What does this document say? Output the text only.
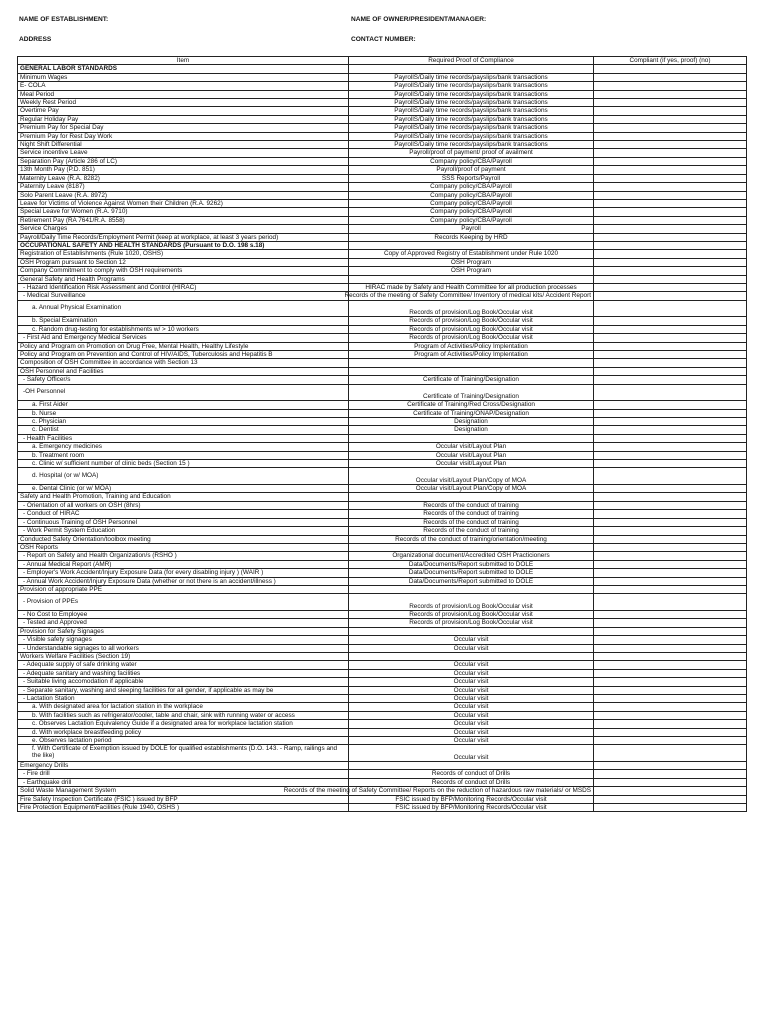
NAME OF ESTABLISHMENT:	NAME OF OWNER/PRESIDENT/MANAGER:
ADDRESS	CONTACT NUMBER:
Item	Required Proof of Compliance	Compliant (if yes, proof) (no)
GENERAL LABOR STANDARDS		
Minimum Wages	PayrollS/Daily time records/payslips/bank transactions	
E- COLA	PayrollS/Daily time records/payslips/bank transactions	
Meal Period	PayrollS/Daily time records/payslips/bank transactions	
Weekly Rest Period	PayrollS/Daily time records/payslips/bank transactions	
Overtime Pay	PayrollS/Daily time records/payslips/bank transactions	
Regular Holiday Pay	PayrollS/Daily time records/payslips/bank transactions	
Premium Pay for Special Day	PayrollS/Daily time records/payslips/bank transactions	
Premium Pay for Rest Day Work	PayrollS/Daily time records/payslips/bank transactions	
Night Shift Differential	PayrollS/Daily time records/payslips/bank transactions	
Service incentive Leave	Payroll/proof of payment/ proof of availment	
Separation Pay (Article 286 of LC)	Company policy/CBA/Payroll	
13th Month Pay (P.D. 851)	Payroll/proof of payment	
Maternity Leave (R.A. 8282)	SSS Reports/Payroll	
Paternity Leave (8187)	Company policy/CBA/Payroll	
Solo Parent Leave (R.A. 8972)	Company policy/CBA/Payroll	
Leave for Victims of Violence Against Women their Children (R.A. 9262)	Company policy/CBA/Payroll	
Special Leave for Women (R.A. 9710)	Company policy/CBA/Payroll	
Retirement Pay (RA 7641/R.A. 8558)	Company policy/CBA/Payroll	
Service Charges	Payroll	
Payroll/Daily Time Records/Employment Permit (keep at workplace, at least 3 years period)	Records Keeping by HRD	
OCCUPATIONAL SAFETY AND HEALTH STANDARDS (Pursuant to D.O. 198 s.18)		
Registration of Establishments (Rule 1020, OSHS)	Copy of Approved Registry of Establishment under Rule 1020	
OSH Program pursuant to Section 12	OSH Program	
Company Commitment to comply with OSH requirements	OSH Program	
General Safety and Health Programs		
- Hazard Identification Risk Assessment and Control (HIRAC)	HIRAC made by Safety and Health Committee for all production processes	
- Medical Surveillance	Records of the meeting of Safety Committee/ Inventory of medical kits/ Accident Report	
a. Annual Physical Examination	Records of provision/Log Book/Occular visit	
b. Special Examination	Records of provision/Log Book/Occular visit	
c. Random drug-testing for establishments w/ > 10 workers	Records of provision/Log Book/Occular visit	
- First Aid and Emergency Medical Services	Records of provision/Log Book/Occular visit	
Policy and Program on Promotion on Drug Free, Mental Health, Healthy Lifestyle	Program of Activities/Policy Implentation	
Policy and Program on Prevention and Control of HIV/AIDS, Tuberculosis and Hepatitis B	Program of Activities/Policy Implentation	
Composition of OSH Committee in accordance with Section 13		
OSH Personnel and Facilities		
- Safety Officer/s	Certificate of Training/Designation	
-OH Personnel	Certificate of Training/Designation	
a. First Aider	Certificate of Training/Red Cross/Designation	
b. Nurse	Certificate of Training/ONAP/Designation	
c. Physician	Designation	
c. Dentist	Designation	
- Health Facilities		
a. Emergency medicines	Occular visit/Layout Plan	
b. Treatment room	Occular visit/Layout Plan	
c. Clinic w/ sufficient number of clinic beds (Section 15 )	Occular visit/Layout Plan	
d. Hospital (or w/ MOA)	Occular visit/Layout Plan/Copy of MOA	
e. Dental Clinic (or w/ MOA)	Occular visit/Layout Plan/Copy of MOA	
Safety and Health Promotion, Training and Education		
- Orientation of all workers on OSH (8hrs)	Records of the conduct of training	
- Conduct of HIRAC	Records of the conduct of training	
- Continuous Training of OSH Personnel	Records of the conduct of training	
- Work Permit System Education	Records of the conduct of training	
Conducted Safety Orientation/toolbox meeting	Records of the conduct of training/orientation/meeting	
OSH Reports		
- Report on Safety and Health Organization/s (RSHO )	Organizational document/Accredited OSH Practicioners	
- Annual Medical Report (AMR)	Data/Documents/Report submitted to DOLE	
- Employer's Work Accident/Injury Exposure Data (for every disabling injury ) (WAIR )	Data/Documents/Report submitted to DOLE	
- Annual Work Accident/Injury Exposure Data (whether or not there is an accident/illness )	Data/Documents/Report submitted to DOLE	
Provision of appropriate PPE		
- Provision of PPEs	Records of provision/Log Book/Occular visit	
- No Cost to Employee	Records of provision/Log Book/Occular visit	
- Tested and Approved	Records of provision/Log Book/Occular visit	
Provision for Safety Signages		
- Visible safety signages	Occular visit	
- Understandable signages to all workers	Occular visit	
Workers Welfare Facilities (Section 19)		
- Adequate supply of safe drinking water	Occular visit	
- Adequate sanitary and washing facilities	Occular visit	
- Suitable living accomodation if applicable	Occular visit	
- Separate sanitary, washing and sleeping facilities for all gender, if applicable as may be	Occular visit	
- Lactation Station	Occular visit	
a. With designated area for lactation station in the workplace	Occular visit	
b. With facilities such as refrigerator/cooler, table and chair, sink with running water or access	Occular visit	
c. Observes Lactation Equivalency Guide if a designated area for workplace lactation station	Occular visit	
d. With workplace breastfeeding policy	Occular visit	
e. Observes lactation period	Occular visit	
f. With Certificate of Exemption issued by DOLE for qualified establishments (D.O. 143. - Ramp, railings and the like)	Occular visit	
Emergency Drills		
- Fire drill	Records of conduct of Drills	
- Earthquake drill	Records of conduct of Drills	
Solid Waste Management System	Records of the meeting of Safety Committee/ Reports on the reduction of hazardous raw materials/ or MSDS	
Fire Safety Inspection Certificate (FSIC ) issued by BFP	FSIC issued by BFP/Monitoring Records/Occular visit	
Fire Protection Equipment/Facilities (Rule 1940, OSHS )	FSIC issued by BFP/Monitoring Records/Occular visit	
